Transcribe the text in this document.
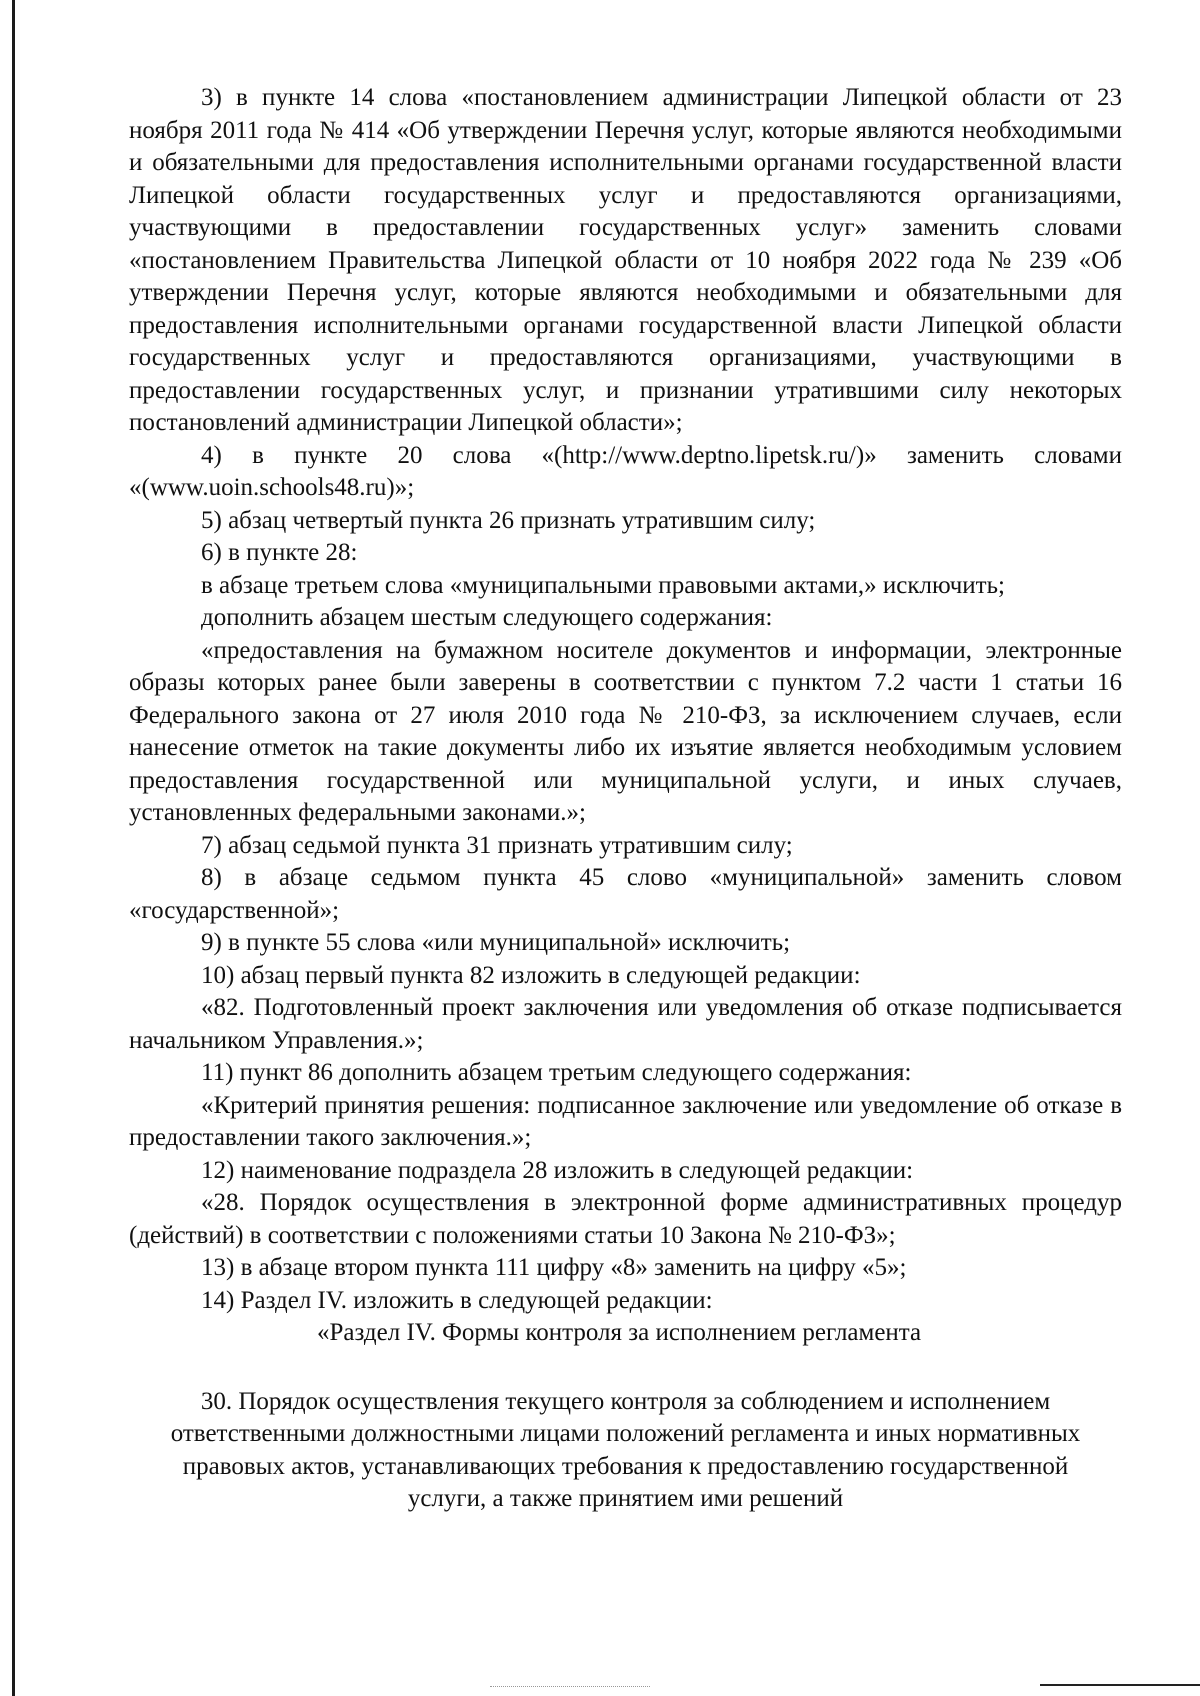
3) в пункте 14 слова «постановлением администрации Липецкой области от 23 ноября 2011 года № 414 «Об утверждении Перечня услуг, которые являются необходимыми и обязательными для предоставления исполнительными органами государственной власти Липецкой области государственных услуг и предоставляются организациями, участвующими в предоставлении государственных услуг» заменить словами «постановлением Правительства Липецкой области от 10 ноября 2022 года № 239 «Об утверждении Перечня услуг, которые являются необходимыми и обязательными для предоставления исполнительными органами государственной власти Липецкой области государственных услуг и предоставляются организациями, участвующими в предоставлении государственных услуг, и признании утратившими силу некоторых постановлений администрации Липецкой области»;

4) в пункте 20 слова «(http://www.deptno.lipetsk.ru/)» заменить словами «(www.uoin.schools48.ru)»;

5) абзац четвертый пункта 26 признать утратившим силу;

6) в пункте 28:

в абзаце третьем слова «муниципальными правовыми актами,» исключить;

дополнить абзацем шестым следующего содержания:

«предоставления на бумажном носителе документов и информации, электронные образы которых ранее были заверены в соответствии с пунктом 7.2 части 1 статьи 16 Федерального закона от 27 июля 2010 года № 210-ФЗ, за исключением случаев, если нанесение отметок на такие документы либо их изъятие является необходимым условием предоставления государственной или муниципальной услуги, и иных случаев, установленных федеральными законами.»;

7) абзац седьмой пункта 31 признать утратившим силу;

8) в абзаце седьмом пункта 45 слово «муниципальной» заменить словом «государственной»;

9) в пункте 55 слова «или муниципальной» исключить;

10) абзац первый пункта 82 изложить в следующей редакции:

«82. Подготовленный проект заключения или уведомления об отказе подписывается начальником Управления.»;

11) пункт 86 дополнить абзацем третьим следующего содержания:

«Критерий принятия решения: подписанное заключение или уведомление об отказе в предоставлении такого заключения.»;

12) наименование подраздела 28 изложить в следующей редакции:

«28. Порядок осуществления в электронной форме административных процедур (действий) в соответствии с положениями статьи 10 Закона № 210-ФЗ»;

13) в абзаце втором пункта 111 цифру «8» заменить на цифру «5»;

14) Раздел IV. изложить в следующей редакции:

«Раздел IV. Формы контроля за исполнением регламента

30. Порядок осуществления текущего контроля за соблюдением и исполнением ответственными должностными лицами положений регламента и иных нормативных правовых актов, устанавливающих требования к предоставлению государственной услуги, а также принятием ими решений
